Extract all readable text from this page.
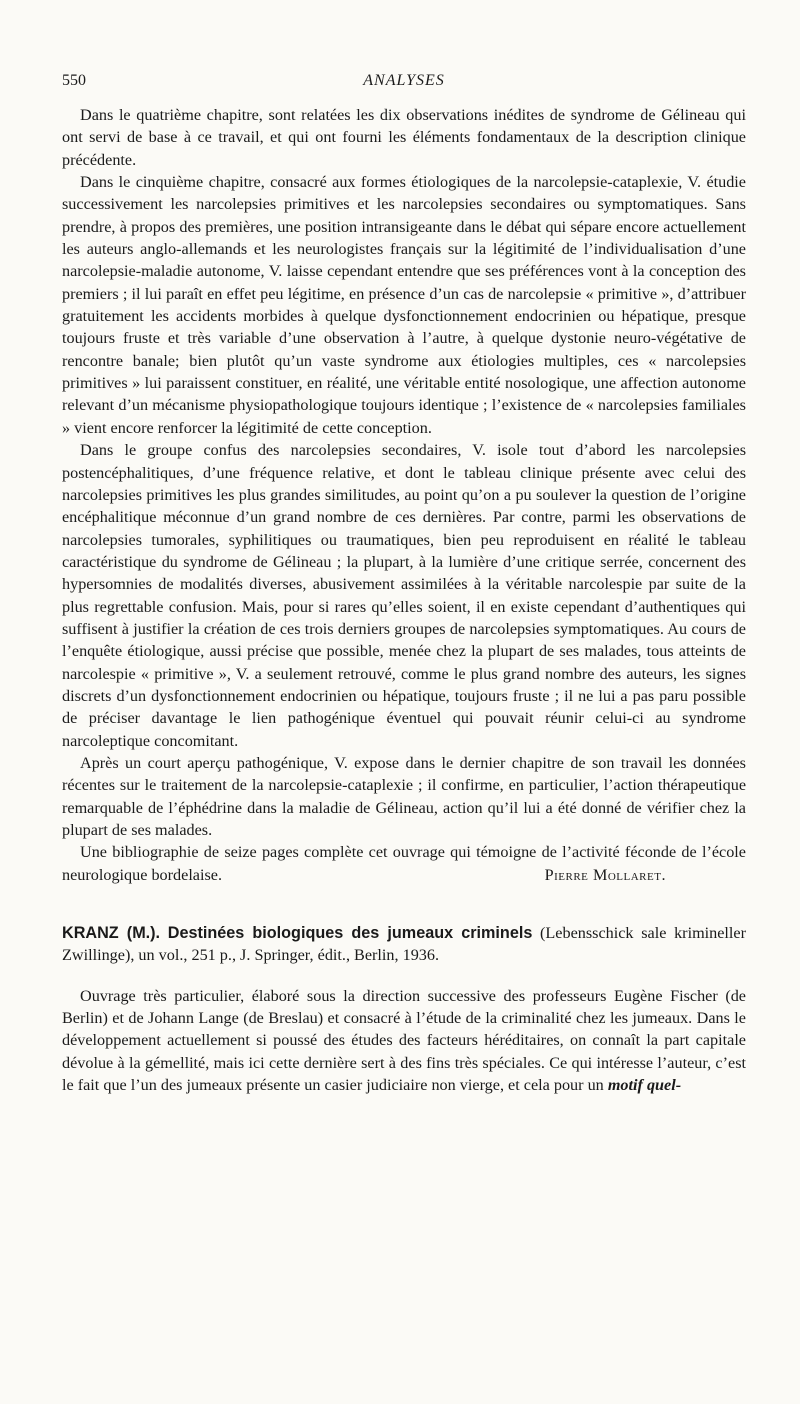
550	ANALYSES

Dans le quatrième chapitre, sont relatées les dix observations inédites de syndrome de Gélineau qui ont servi de base à ce travail, et qui ont fourni les éléments fondamentaux de la description clinique précédente.

Dans le cinquième chapitre, consacré aux formes étiologiques de la narcolepsie-cataplexie, V. étudie successivement les narcolepsies primitives et les narcolepsies secondaires ou symptomatiques. Sans prendre, à propos des premières, une position intransigeante dans le débat qui sépare encore actuellement les auteurs anglo-allemands et les neurologistes français sur la légitimité de l’individualisation d’une narcolepsie-maladie autonome, V. laisse cependant entendre que ses préférences vont à la conception des premiers ; il lui paraît en effet peu légitime, en présence d’un cas de narcolepsie « primitive », d’attribuer gratuitement les accidents morbides à quelque dysfonctionnement endocrinien ou hépatique, presque toujours fruste et très variable d’une observation à l’autre, à quelque dystonie neuro-végétative de rencontre banale; bien plutôt qu’un vaste syndrome aux étiologies multiples, ces « narcolepsies primitives » lui paraissent constituer, en réalité, une véritable entité nosologique, une affection autonome relevant d’un mécanisme physiopathologique toujours identique ; l’existence de « narcolepsies familiales » vient encore renforcer la légitimité de cette conception.

Dans le groupe confus des narcolepsies secondaires, V. isole tout d’abord les narcolepsies postencéphalitiques, d’une fréquence relative, et dont le tableau clinique présente avec celui des narcolepsies primitives les plus grandes similitudes, au point qu’on a pu soulever la question de l’origine encéphalitique méconnue d’un grand nombre de ces dernières. Par contre, parmi les observations de narcolepsies tumorales, syphilitiques ou traumatiques, bien peu reproduisent en réalité le tableau caractéristique du syndrome de Gélineau ; la plupart, à la lumière d’une critique serrée, concernent des hypersomnies de modalités diverses, abusivement assimilées à la véritable narcolespie par suite de la plus regrettable confusion. Mais, pour si rares qu’elles soient, il en existe cependant d’authentiques qui suffisent à justifier la création de ces trois derniers groupes de narcolepsies symptomatiques. Au cours de l’enquête étiologique, aussi précise que possible, menée chez la plupart de ses malades, tous atteints de narcolespie « primitive », V. a seulement retrouvé, comme le plus grand nombre des auteurs, les signes discrets d’un dysfonctionnement endocrinien ou hépatique, toujours fruste ; il ne lui a pas paru possible de préciser davantage le lien pathogénique éventuel qui pouvait réunir celui-ci au syndrome narcoleptique concomitant.

Après un court aperçu pathogénique, V. expose dans le dernier chapitre de son travail les données récentes sur le traitement de la narcolepsie-cataplexie ; il confirme, en particulier, l’action thérapeutique remarquable de l’éphédrine dans la maladie de Gélineau, action qu’il lui a été donné de vérifier chez la plupart de ses malades.

Une bibliographie de seize pages complète cet ouvrage qui témoigne de l’activité féconde de l’école neurologique bordelaise.	Pierre Mollaret.

KRANZ (M.). Destinées biologiques des jumeaux criminels (Lebensschick sale krimineller Zwillinge), un vol., 251 p., J. Springer, édit., Berlin, 1936.

Ouvrage très particulier, élaboré sous la direction successive des professeurs Eugène Fischer (de Berlin) et de Johann Lange (de Breslau) et consacré à l’étude de la criminalité chez les jumeaux. Dans le développement actuellement si poussé des études des facteurs héréditaires, on connaît la part capitale dévolue à la gémellité, mais ici cette dernière sert à des fins très spéciales. Ce qui intéresse l’auteur, c’est le fait que l’un des jumeaux présente un casier judiciaire non vierge, et cela pour un motif quel-
